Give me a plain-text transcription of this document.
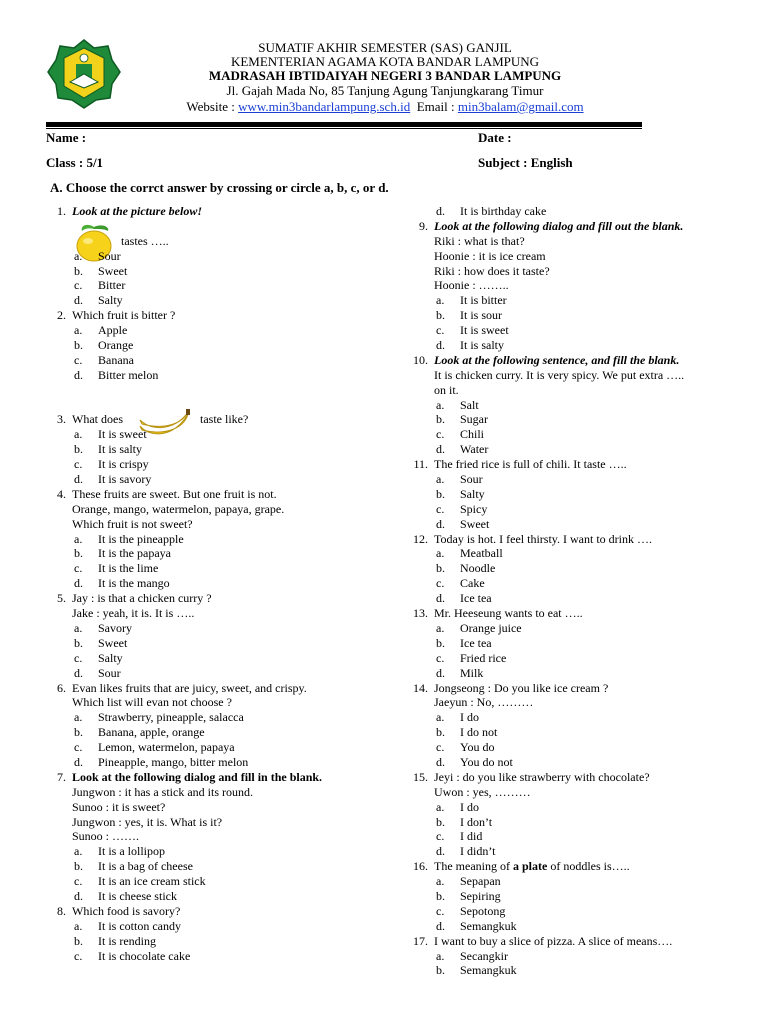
SUMATIF AKHIR SEMESTER (SAS) GANJIL
KEMENTERIAN AGAMA KOTA BANDAR LAMPUNG
MADRASAH IBTIDAIYAH NEGERI 3 BANDAR LAMPUNG
Jl. Gajah Mada No, 85 Tanjung Agung Tanjungkarang Timur
Website : www.min3bandarlampung.sch.id  Email : min3balam@gmail.com
Name :	Date :
Class : 5/1	Subject : English
A. Choose the corrct answer by crossing or circle a, b, c, or d.
1. Look at the picture below!
tastes …..
a. Sour
b. Sweet
c. Bitter
d. Salty
2. Which fruit is bitter ?
a. Apple
b. Orange
c. Banana
d. Bitter melon
3. What does	taste like?
a. It is sweet
b. It is salty
c. It is crispy
d. It is savory
4. These fruits are sweet. But one fruit is not.
Orange, mango, watermelon, papaya, grape.
Which fruit is not sweet?
a. It is the pineapple
b. It is the papaya
c. It is the lime
d. It is the mango
5. Jay : is that a chicken curry ?
Jake : yeah, it is. It is …..
a. Savory
b. Sweet
c. Salty
d. Sour
6. Evan likes fruits that are juicy, sweet, and crispy.
Which list will evan not choose ?
a. Strawberry, pineapple, salacca
b. Banana, apple, orange
c. Lemon, watermelon, papaya
d. Pineapple, mango, bitter melon
7. Look at the following dialog and fill in the blank.
Jungwon : it has a stick and its round.
Sunoo : it is sweet?
Jungwon : yes, it is. What is it?
Sunoo : …….
a. It is a lollipop
b. It is a bag of cheese
c. It is an ice cream stick
d. It is cheese stick
8. Which food is savory?
a. It is cotton candy
b. It is rending
c. It is chocolate cake
d. It is birthday cake
9. Look at the following dialog and fill out the blank.
Riki : what is that?
Hoonie : it is ice cream
Riki : how does it taste?
Hoonie : ……..
a. It is bitter
b. It is sour
c. It is sweet
d. It is salty
10. Look at the following sentence, and fill the blank.
It is chicken curry. It is very spicy. We put extra …..
on it.
a. Salt
b. Sugar
c. Chili
d. Water
11. The fried rice is full of chili. It taste …..
a. Sour
b. Salty
c. Spicy
d. Sweet
12. Today is hot. I feel thirsty. I want to drink ….
a. Meatball
b. Noodle
c. Cake
d. Ice tea
13. Mr. Heeseung wants to eat …..
a. Orange juice
b. Ice tea
c. Fried rice
d. Milk
14. Jongseong : Do you like ice cream ?
Jaeyun : No, ………
a. I do
b. I do not
c. You do
d. You do not
15. Jeyi : do you like strawberry with chocolate?
Uwon : yes, ………
a. I do
b. I don’t
c. I did
d. I didn’t
16. The meaning of a plate of noddles is…..
a. Sepapan
b. Sepiring
c. Sepotong
d. Semangkuk
17. I want to buy a slice of pizza. A slice of means….
a. Secangkir
b. Semangkuk
